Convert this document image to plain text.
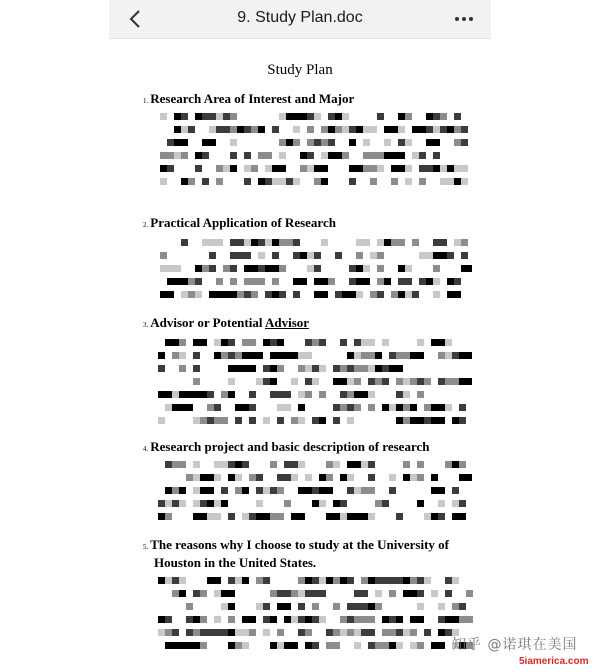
9. Study Plan.doc
Study Plan
1. Research Area of Interest and Major
2. Practical Application of Research
3. Advisor or Potential Advisor
4. Research project and basic description of research
5. The reasons why I choose to study at the University of
Houston in the United States.
知乎 @诺琪在美国
5iamerica.com
